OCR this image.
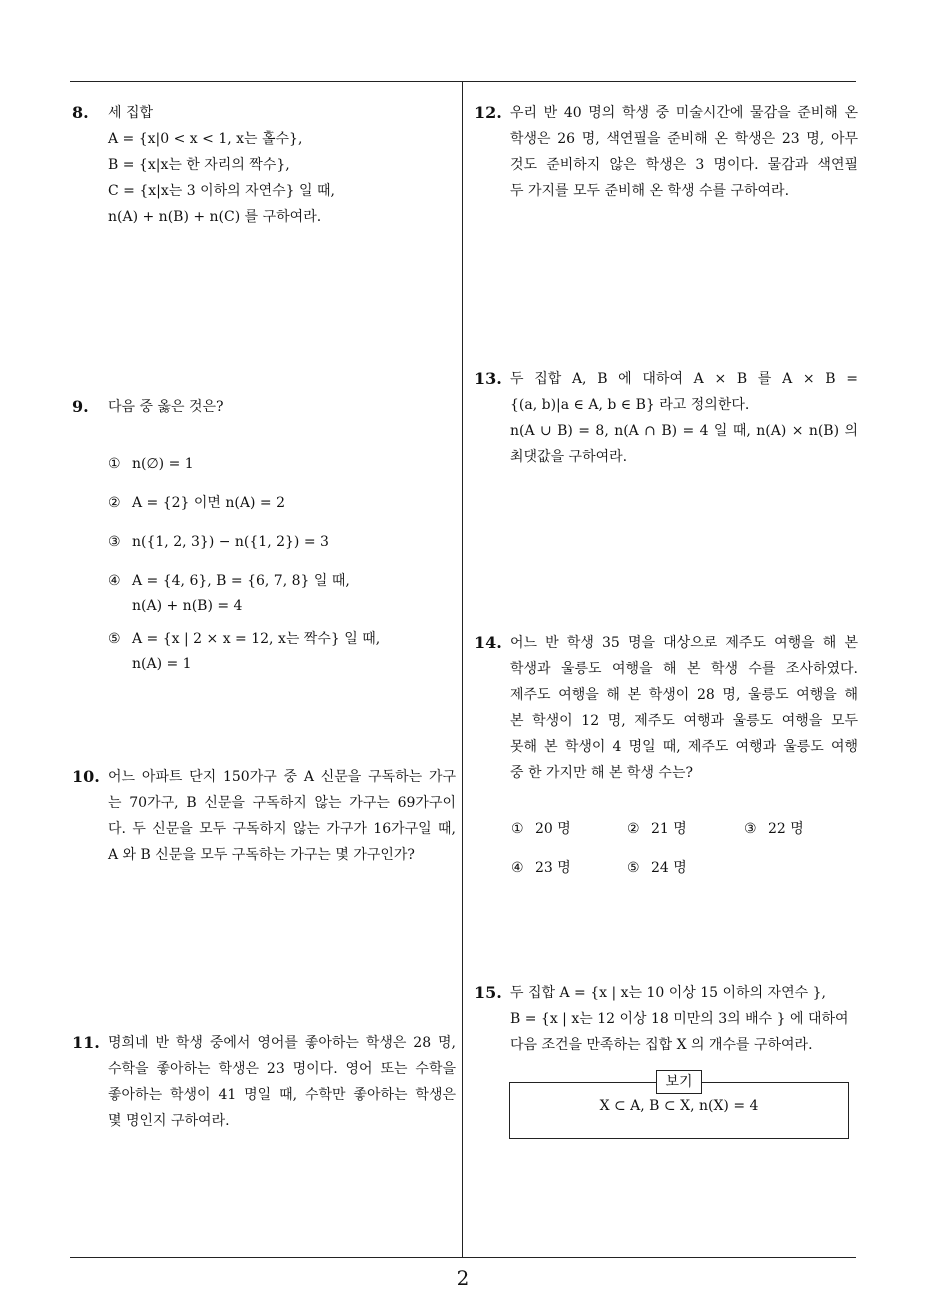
8. 세 집합
A = {x|0 < x < 1, x는 홀수},
B = {x|x는 한 자리의 짝수},
C = {x|x는 3 이하의 자연수} 일 때,
n(A) + n(B) + n(C) 를 구하여라.
9. 다음 중 옳은 것은?
① n(∅) = 1
② A = {2} 이면 n(A) = 2
③ n({1, 2, 3}) − n({1, 2}) = 3
④ A = {4, 6}, B = {6, 7, 8} 일 때,
n(A) + n(B) = 4
⑤ A = {x | 2 × x = 12, x는 짝수} 일 때,
n(A) = 1
10. 어느 아파트 단지 150가구 중 A 신문을 구독하는 가구
는 70가구, B 신문을 구독하지 않는 가구는 69가구이
다. 두 신문을 모두 구독하지 않는 가구가 16가구일 때,
A 와 B 신문을 모두 구독하는 가구는 몇 가구인가?
11. 명희네 반 학생 중에서 영어를 좋아하는 학생은 28 명,
수학을 좋아하는 학생은 23 명이다. 영어 또는 수학을
좋아하는 학생이 41 명일 때, 수학만 좋아하는 학생은
몇 명인지 구하여라.
12. 우리 반 40 명의 학생 중 미술시간에 물감을 준비해 온
학생은 26 명, 색연필을 준비해 온 학생은 23 명, 아무
것도 준비하지 않은 학생은 3 명이다. 물감과 색연필
두 가지를 모두 준비해 온 학생 수를 구하여라.
13. 두 집합 A, B 에 대하여 A × B 를 A × B =
{(a, b)|a ∈ A, b ∈ B} 라고 정의한다.
n(A ∪ B) = 8, n(A ∩ B) = 4 일 때, n(A) × n(B) 의
최댓값을 구하여라.
14. 어느 반 학생 35 명을 대상으로 제주도 여행을 해 본
학생과 울릉도 여행을 해 본 학생 수를 조사하였다.
제주도 여행을 해 본 학생이 28 명, 울릉도 여행을 해
본 학생이 12 명, 제주도 여행과 울릉도 여행을 모두
못해 본 학생이 4 명일 때, 제주도 여행과 울릉도 여행
중 한 가지만 해 본 학생 수는?
① 20 명	② 21 명	③ 22 명
④ 23 명	⑤ 24 명
15. 두 집합 A = {x | x는 10 이상 15 이하의 자연수 },
B = {x | x는 12 이상 18 미만의 3의 배수 } 에 대하여
다음 조건을 만족하는 집합 X 의 개수를 구하여라.
보기
X ⊂ A, B ⊂ X, n(X) = 4
2
